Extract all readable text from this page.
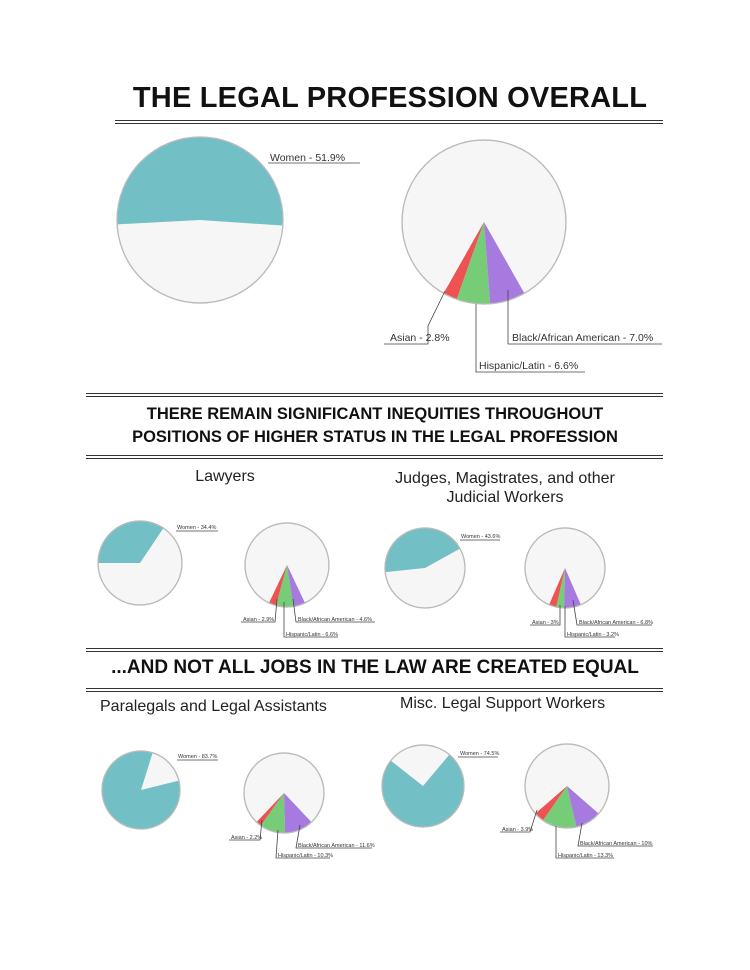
THE LEGAL PROFESSION OVERALL
THERE REMAIN SIGNIFICANT INEQUITIES THROUGHOUT
POSITIONS OF HIGHER STATUS IN THE LEGAL PROFESSION
Lawyers	Judges, Magistrates, and other
Judicial Workers
...AND NOT ALL JOBS IN THE LAW ARE CREATED EQUAL
Paralegals and Legal Assistants	Misc. Legal Support Workers
Women - 51.9%
Asian - 2.8%
Hispanic/Latin - 6.6%
Black/African American - 7.0%
Women - 34.4%
Asian - 2.9%
Hispanic/Latin - 6.6%
Black/African American - 4.6%
Women - 43.6%
Asian - 3%
Hispanic/Latin - 3.2%
Black/African American - 6.8%
Women - 83.7%
Asian - 2.2%
Hispanic/Latin - 10.3%
Black/African American - 11.6%
Women - 74.5%
Asian - 3.9%
Hispanic/Latin - 13.3%
Black/African American - 10%
